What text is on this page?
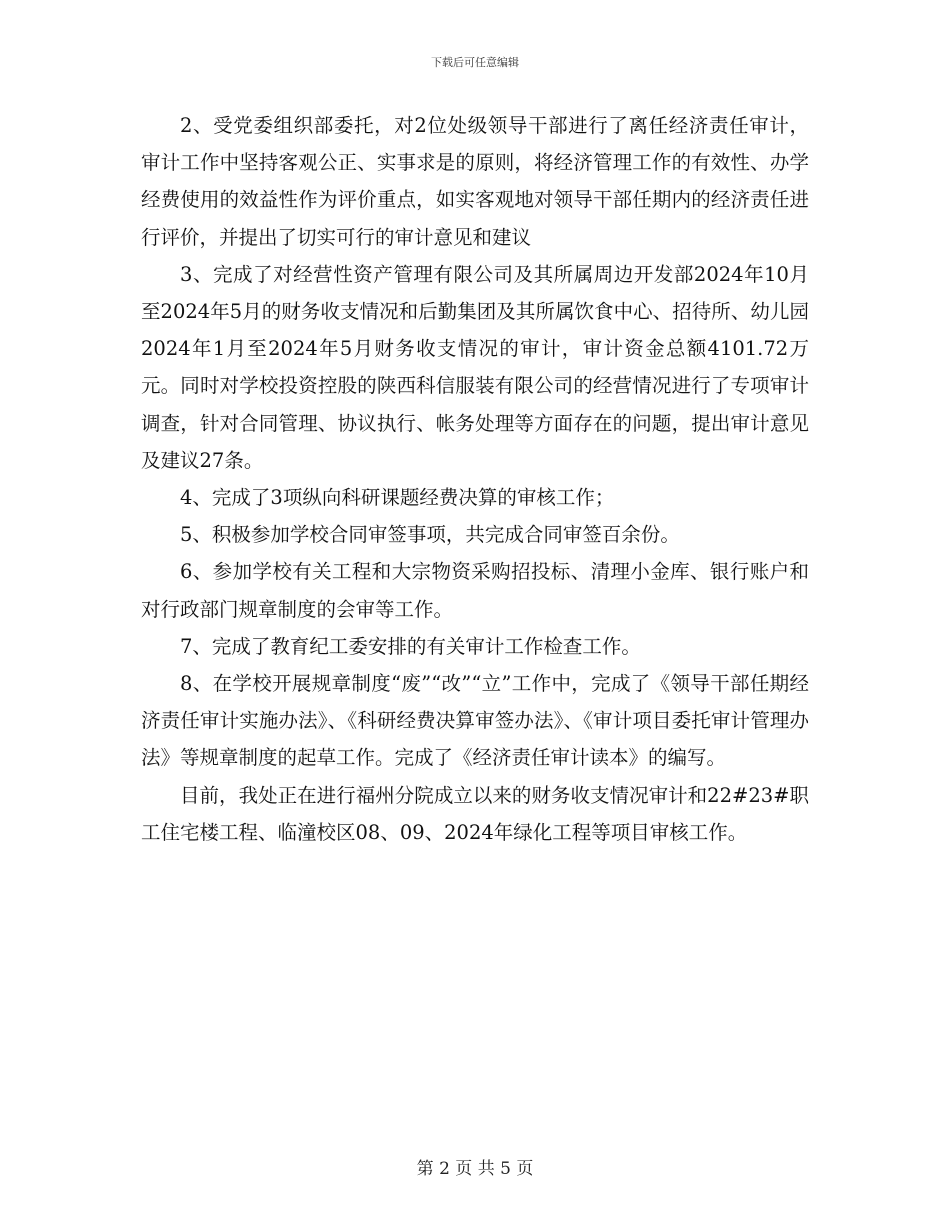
下载后可任意编辑

2、受党委组织部委托，对2位处级领导干部进行了离任经济责任审计，审计工作中坚持客观公正、实事求是的原则，将经济管理工作的有效性、办学经费使用的效益性作为评价重点，如实客观地对领导干部任期内的经济责任进行评价，并提出了切实可行的审计意见和建议

3、完成了对经营性资产管理有限公司及其所属周边开发部2024年10月至2024年5月的财务收支情况和后勤集团及其所属饮食中心、招待所、幼儿园2024年1月至2024年5月财务收支情况的审计，审计资金总额4101.72万元。同时对学校投资控股的陕西科信服装有限公司的经营情况进行了专项审计调查，针对合同管理、协议执行、帐务处理等方面存在的问题，提出审计意见及建议27条。

4、完成了3项纵向科研课题经费决算的审核工作；

5、积极参加学校合同审签事项，共完成合同审签百余份。

6、参加学校有关工程和大宗物资采购招投标、清理小金库、银行账户和对行政部门规章制度的会审等工作。

7、完成了教育纪工委安排的有关审计工作检查工作。

8、在学校开展规章制度“废”“改”“立”工作中，完成了《领导干部任期经济责任审计实施办法》、《科研经费决算审签办法》、《审计项目委托审计管理办法》等规章制度的起草工作。完成了《经济责任审计读本》的编写。

目前，我处正在进行福州分院成立以来的财务收支情况审计和22#23#职工住宅楼工程、临潼校区08、09、2024年绿化工程等项目审核工作。

第 2 页 共 5 页
